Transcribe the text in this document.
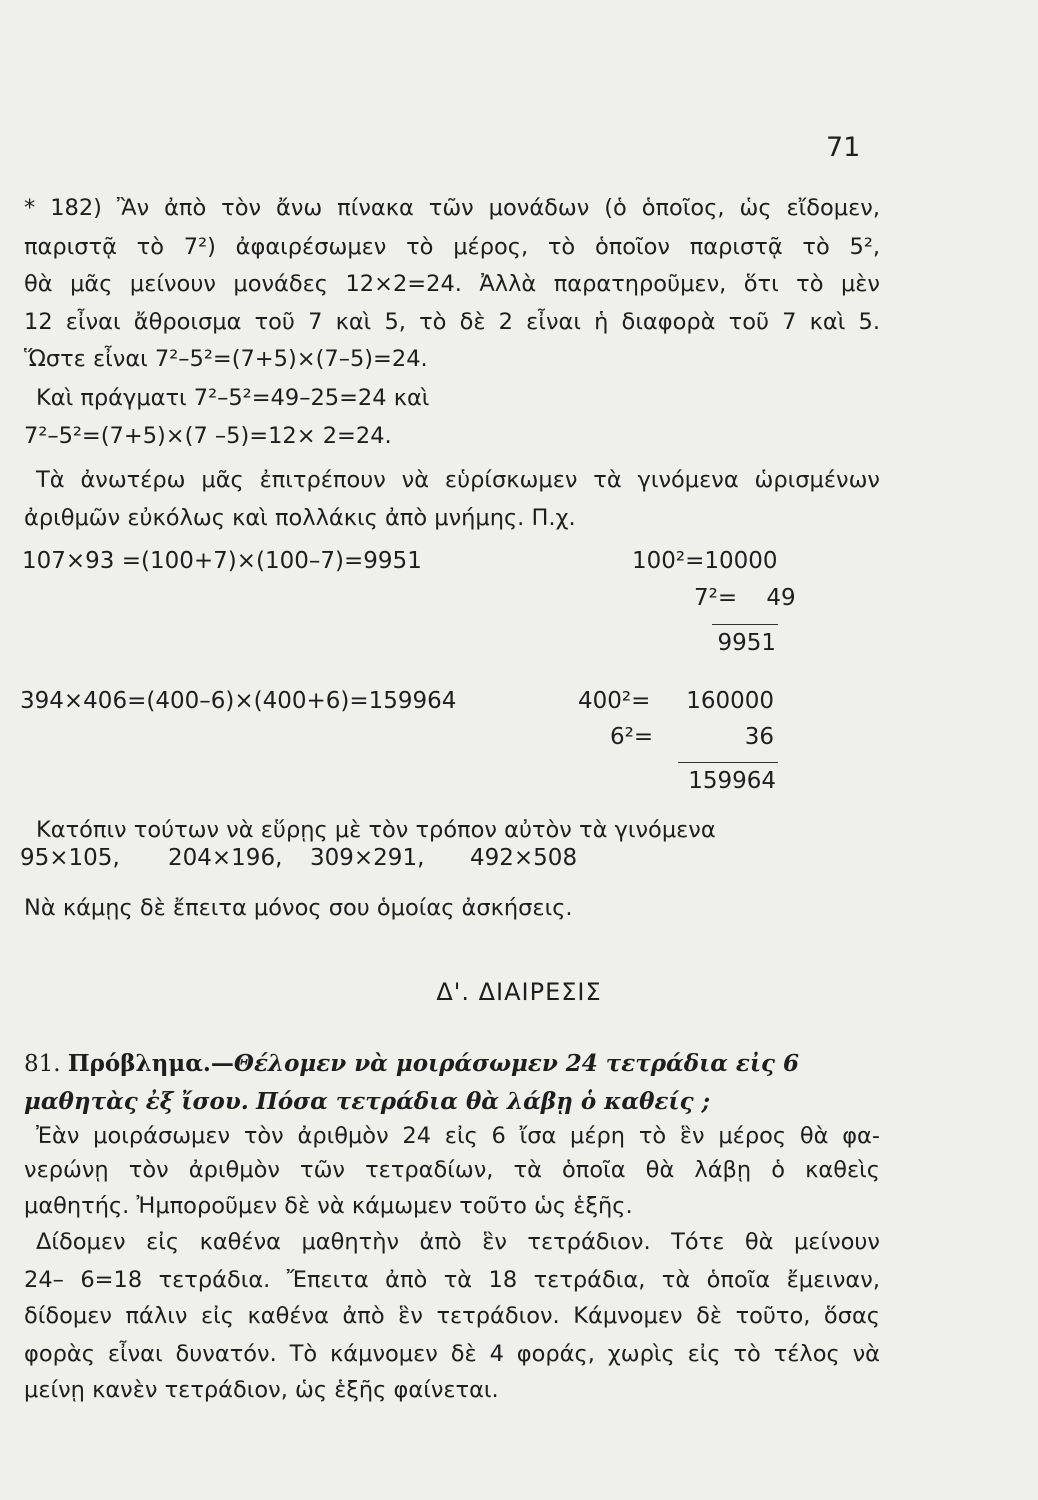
71
* 182) Ἂν ἀπὸ τὸν ἄνω πίνακα τῶν μονάδων (ὁ ὁποῖος, ὡς εἴδομεν,
παριστᾷ τὸ 7²) ἀφαιρέσωμεν τὸ μέρος, τὸ ὁποῖον παριστᾷ τὸ 5²,
θὰ μᾶς μείνουν μονάδες 12×2=24. Ἀλλὰ παρατηροῦμεν, ὅτι τὸ μὲν
12 εἶναι ἄθροισμα τοῦ 7 καὶ 5, τὸ δὲ 2 εἶναι ἡ διαφορὰ τοῦ 7 καὶ 5.
Ὥστε εἶναι 7²–5²=(7+5)×(7–5)=24.
Καὶ πράγματι 7²–5²=49–25=24 καὶ
7²–5²=(7+5)×(7 –5)=12× 2=24.
Τὰ ἀνωτέρω μᾶς ἐπιτρέπουν νὰ εὑρίσκωμεν τὰ γινόμενα ὡρισμένων
ἀριθμῶν εὐκόλως καὶ πολλάκις ἀπὸ μνήμης. Π.χ.
107×93 =(100+7)×(100–7)=9951	100²=10000
7²=    49
9951
394×406=(400–6)×(400+6)=159964	400²=	160000
6²=	36
159964
Κατόπιν τούτων νὰ εὕρῃς μὲ τὸν τρόπον αὐτὸν τὰ γινόμενα
95×105, 204×196, 309×291, 492×508
Νὰ κάμῃς δὲ ἔπειτα μόνος σου ὁμοίας ἀσκήσεις.
Δ'. ΔΙΑΙΡΕΣΙΣ
81. Πρόβλημα.—Θέλομεν νὰ μοιράσωμεν 24 τετράδια εἰς 6
μαθητὰς ἐξ ἴσου. Πόσα τετράδια θὰ λάβῃ ὁ καθείς ;
Ἐὰν μοιράσωμεν τὸν ἀριθμὸν 24 εἰς 6 ἴσα μέρη τὸ ἓν μέρος θὰ φα-
νερώνῃ τὸν ἀριθμὸν τῶν τετραδίων, τὰ ὁποῖα θὰ λάβῃ ὁ καθεὶς
μαθητής. Ἠμποροῦμεν δὲ νὰ κάμωμεν τοῦτο ὡς ἑξῆς.
Δίδομεν εἰς καθένα μαθητὴν ἀπὸ ἓν τετράδιον. Τότε θὰ μείνουν
24– 6=18 τετράδια. Ἔπειτα ἀπὸ τὰ 18 τετράδια, τὰ ὁποῖα ἔμειναν,
δίδομεν πάλιν εἰς καθένα ἀπὸ ἓν τετράδιον. Κάμνομεν δὲ τοῦτο, ὅσας
φορὰς εἶναι δυνατόν. Τὸ κάμνομεν δὲ 4 φοράς, χωρὶς εἰς τὸ τέλος νὰ
μείνῃ κανὲν τετράδιον, ὡς ἑξῆς φαίνεται.
